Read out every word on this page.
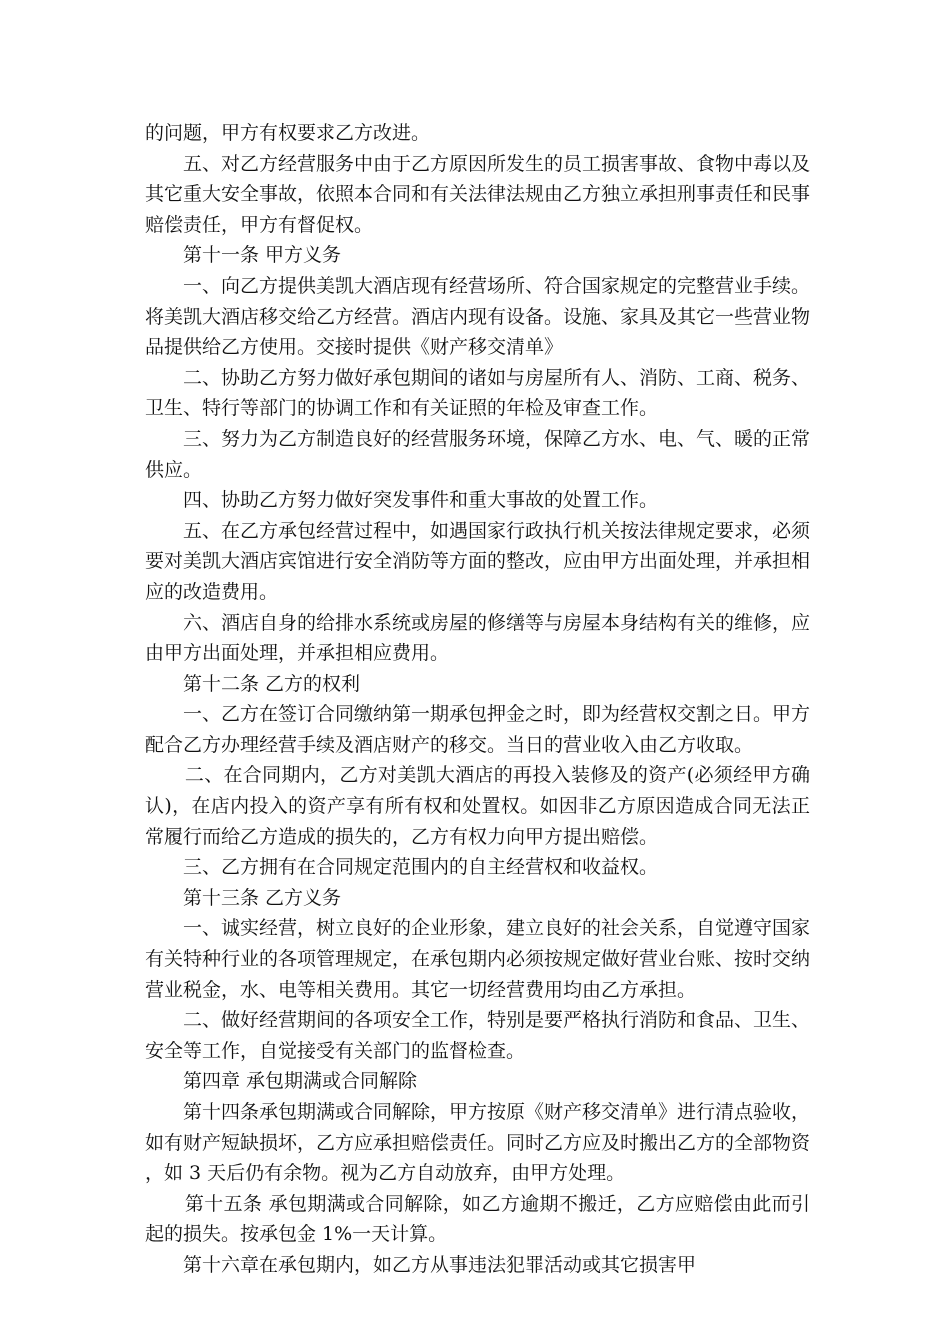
的问题，甲方有权要求乙方改进。

五、对乙方经营服务中由于乙方原因所发生的员工损害事故、食物中毒以及其它重大安全事故，依照本合同和有关法律法规由乙方独立承担刑事责任和民事赔偿责任，甲方有督促权。

第十一条 甲方义务

一、向乙方提供美凯大酒店现有经营场所、符合国家规定的完整营业手续。将美凯大酒店移交给乙方经营。酒店内现有设备。设施、家具及其它一些营业物品提供给乙方使用。交接时提供《财产移交清单》

二、协助乙方努力做好承包期间的诸如与房屋所有人、消防、工商、税务、卫生、特行等部门的协调工作和有关证照的年检及审查工作。

三、努力为乙方制造良好的经营服务环境，保障乙方水、电、气、暖的正常供应。

四、协助乙方努力做好突发事件和重大事故的处置工作。

五、在乙方承包经营过程中，如遇国家行政执行机关按法律规定要求，必须要对美凯大酒店宾馆进行安全消防等方面的整改，应由甲方出面处理，并承担相应的改造费用。

六、酒店自身的给排水系统或房屋的修缮等与房屋本身结构有关的维修，应由甲方出面处理，并承担相应费用。

第十二条 乙方的权利

一、乙方在签订合同缴纳第一期承包押金之时，即为经营权交割之日。甲方配合乙方办理经营手续及酒店财产的移交。当日的营业收入由乙方收取。

二、在合同期内，乙方对美凯大酒店的再投入装修及的资产(必须经甲方确认)，在店内投入的资产享有所有权和处置权。如因非乙方原因造成合同无法正常履行而给乙方造成的损失的，乙方有权力向甲方提出赔偿。

三、乙方拥有在合同规定范围内的自主经营权和收益权。

第十三条 乙方义务

一、诚实经营，树立良好的企业形象，建立良好的社会关系，自觉遵守国家有关特种行业的各项管理规定，在承包期内必须按规定做好营业台账、按时交纳营业税金，水、电等相关费用。其它一切经营费用均由乙方承担。

二、做好经营期间的各项安全工作，特别是要严格执行消防和食品、卫生、安全等工作，自觉接受有关部门的监督检查。

第四章 承包期满或合同解除

第十四条承包期满或合同解除，甲方按原《财产移交清单》进行清点验收，如有财产短缺损坏，乙方应承担赔偿责任。同时乙方应及时搬出乙方的全部物资，如 3 天后仍有余物。视为乙方自动放弃，由甲方处理。

第十五条 承包期满或合同解除，如乙方逾期不搬迁，乙方应赔偿由此而引起的损失。按承包金 1%一天计算。

第十六章在承包期内，如乙方从事违法犯罪活动或其它损害甲
